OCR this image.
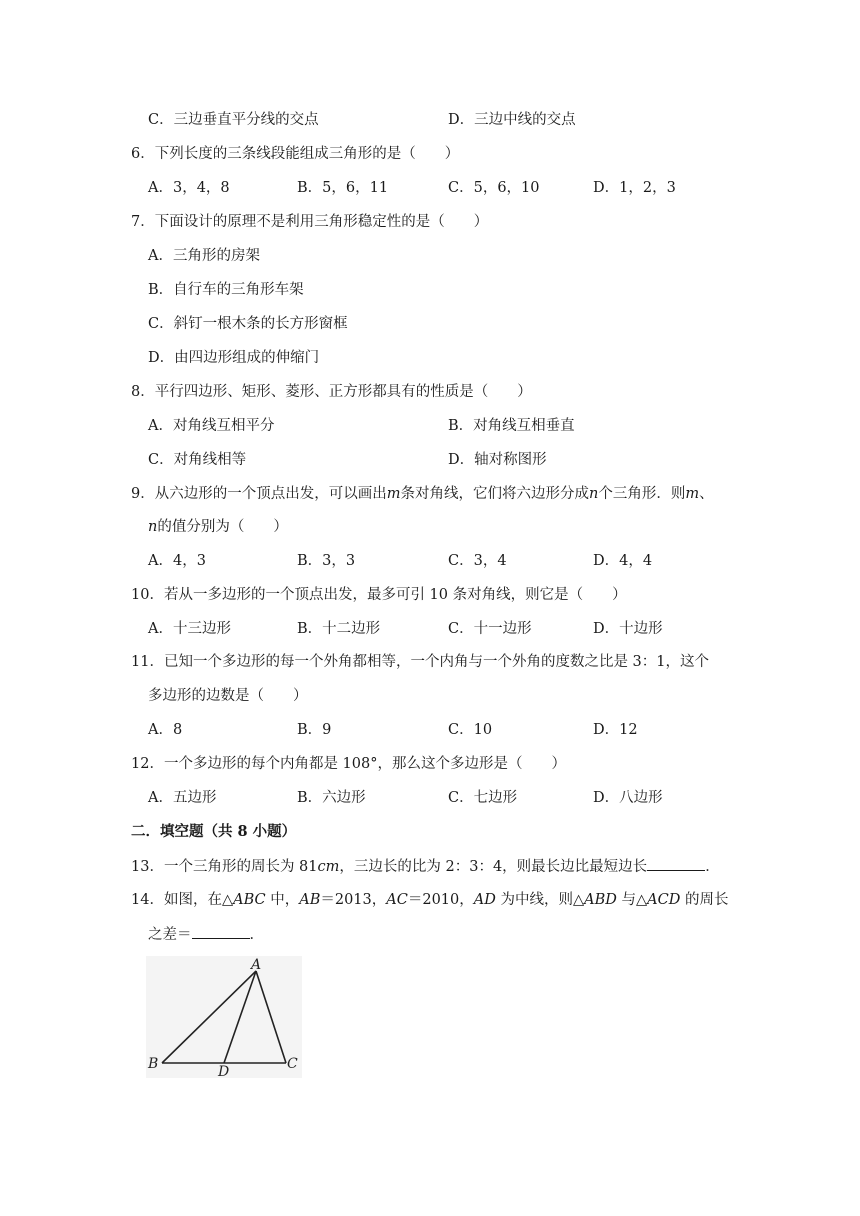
C．三边垂直平分线的交点	D．三边中线的交点
6．下列长度的三条线段能组成三角形的是（　　）
A．3，4，8	B．5，6，11	C．5，6，10	D．1，2，3
7．下面设计的原理不是利用三角形稳定性的是（　　）
A．三角形的房架
B．自行车的三角形车架
C．斜钉一根木条的长方形窗框
D．由四边形组成的伸缩门
8．平行四边形、矩形、菱形、正方形都具有的性质是（　　）
A．对角线互相平分	B．对角线互相垂直
C．对角线相等	D．轴对称图形
9．从六边形的一个顶点出发，可以画出m条对角线，它们将六边形分成n个三角形．则m、
n的值分别为（　　）
A．4，3	B．3，3	C．3，4	D．4，4
10．若从一多边形的一个顶点出发，最多可引 10 条对角线，则它是（　　）
A．十三边形	B．十二边形	C．十一边形	D．十边形
11．已知一个多边形的每一个外角都相等，一个内角与一个外角的度数之比是 3：1，这个
多边形的边数是（　　）
A．8	B．9	C．10	D．12
12．一个多边形的每个内角都是 108°，那么这个多边形是（　　）
A．五边形	B．六边形	C．七边形	D．八边形
二．填空题（共 8 小题）
13．一个三角形的周长为 81cm，三边长的比为 2：3：4，则最长边比最短边长	．
14．如图，在△ABC 中，AB＝2013，AC＝2010，AD 为中线，则△ABD 与△ACD 的周长
之差＝	．
A
B	C
D
